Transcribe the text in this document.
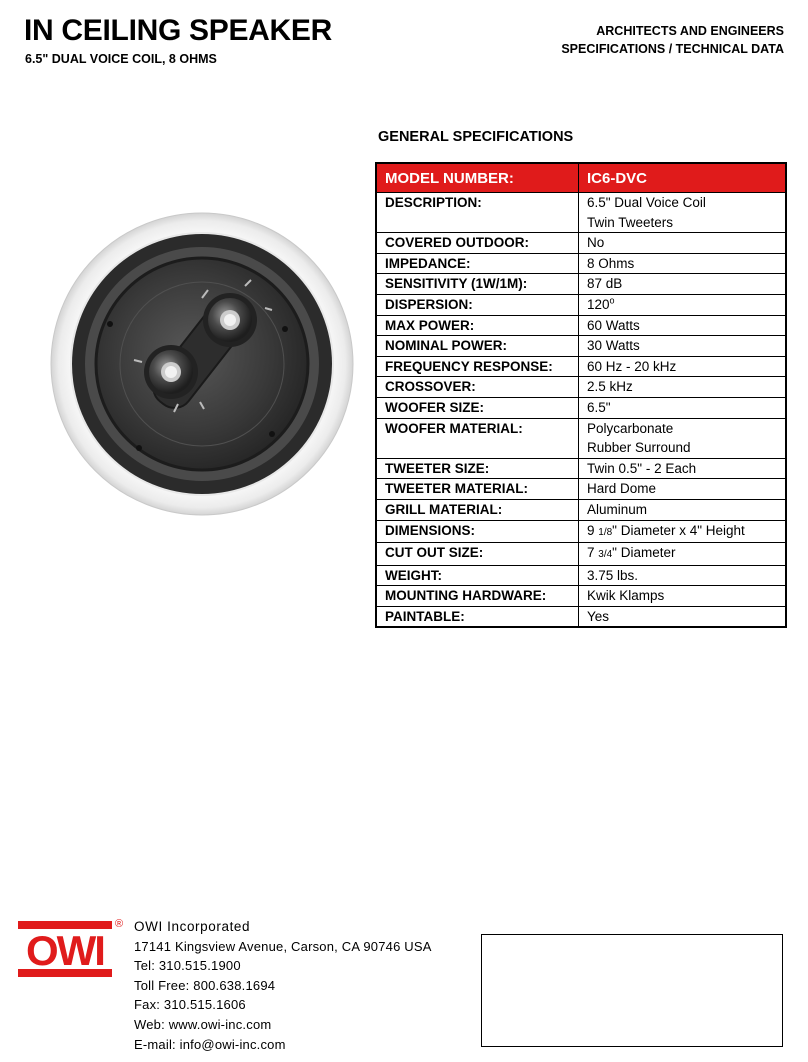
IN CEILING SPEAKER
6.5" DUAL VOICE COIL, 8 OHMS
ARCHITECTS AND ENGINEERS
SPECIFICATIONS / TECHNICAL DATA
GENERAL SPECIFICATIONS
MODEL NUMBER:	IC6-DVC
DESCRIPTION:	6.5" Dual Voice Coil
Twin Tweeters

COVERED OUTDOOR:	No

IMPEDANCE:	8 Ohms

SENSITIVITY (1W/1M):	87 dB

DISPERSION:	120$^o$
MAX POWER:	60 Watts

NOMINAL POWER:	30 Watts

FREQUENCY RESPONSE:	60 Hz - 20 kHz

CROSSOVER:	2.5 kHz

WOOFER SIZE:	6.5"

WOOFER MATERIAL:	Polycarbonate
Rubber Surround

TWEETER SIZE:	Twin 0.5" - 2 Each

TWEETER MATERIAL:	Hard Dome

GRILL MATERIAL:	Aluminum

DIMENSIONS:	9 1/8" Diameter x 4" Height
CUT OUT SIZE:	7 3/4" Diameter
WEIGHT:	3.75 lbs.

MOUNTING HARDWARE:	Kwik Klamps

PAINTABLE:	Yes
OWI
® OWI Incorporated
17141 Kingsview Avenue, Carson, CA 90746 USA
Tel: 310.515.1900
Toll Free: 800.638.1694
Fax: 310.515.1606
Web: www.owi-inc.com
E-mail: info@owi-inc.com
